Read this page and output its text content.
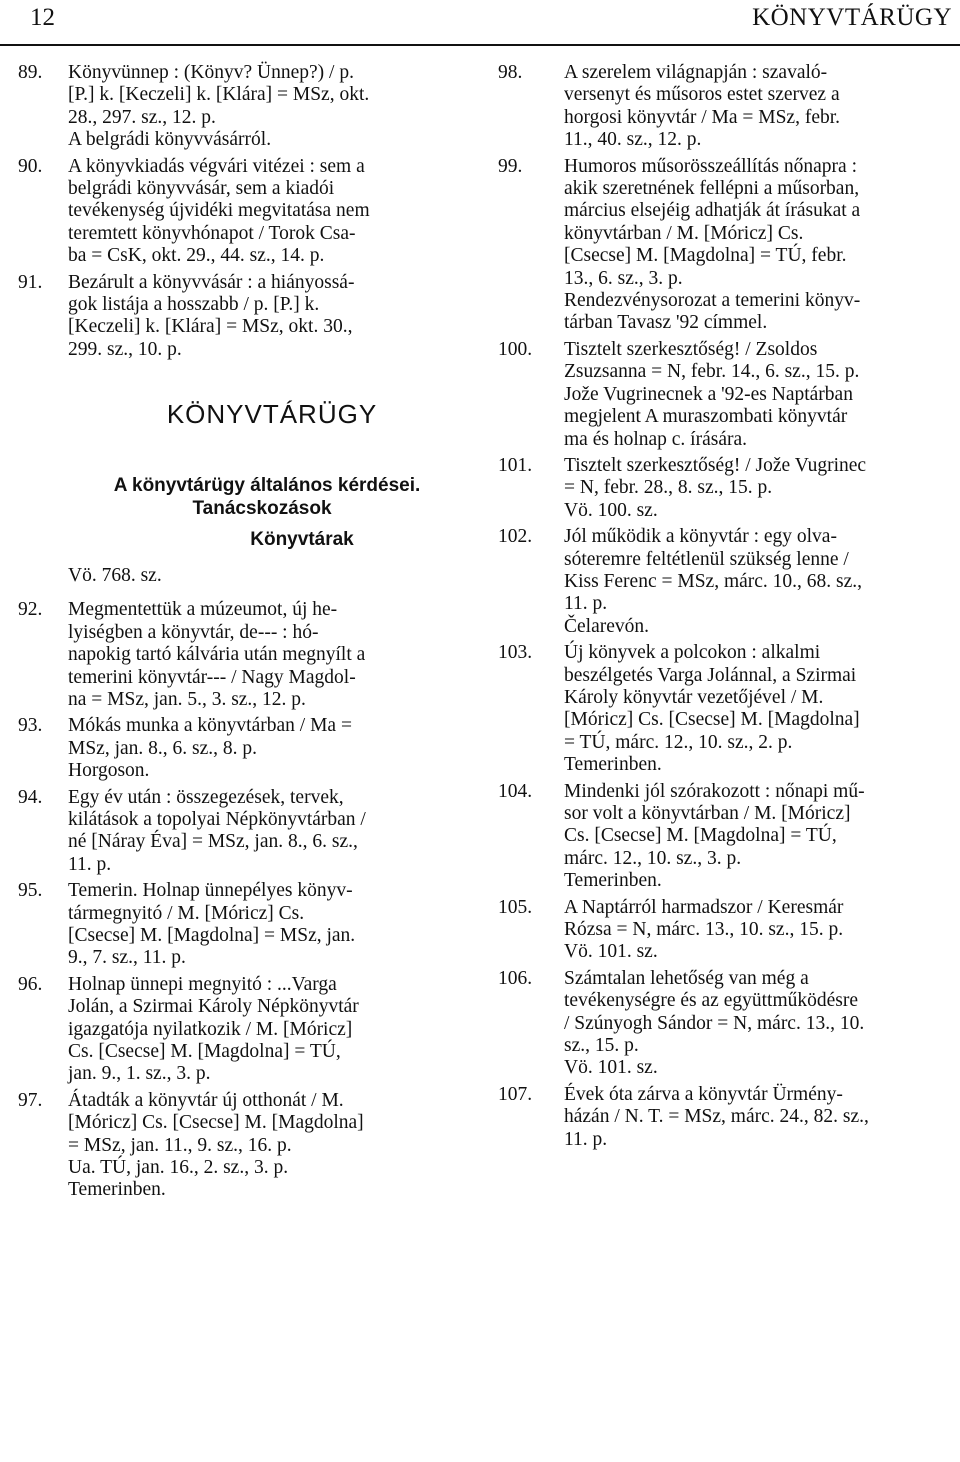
12	KÖNYVTÁRÜGY
89. Könyvünnep : (Könyv? Ünnep?) / p.
[P.] k. [Keczeli] k. [Klára] = MSz, okt.
28., 297. sz., 12. p.
A belgrádi könyvvásárról.
90. A könyvkiadás végvári vitézei : sem a
belgrádi könyvvásár, sem a kiadói
tevékenység újvidéki megvitatása nem
teremtett könyvhónapot / Torok Csa-
ba = CsK, okt. 29., 44. sz., 14. p.
91. Bezárult a könyvvásár : a hiányossá-
gok listája a hosszabb / p. [P.] k.
[Keczeli] k. [Klára] = MSz, okt. 30.,
299. sz., 10. p.
KÖNYVTÁRÜGY
A könyvtárügy általános kérdései.
Tanácskozások
Könyvtárak
Vö. 768. sz.
92. Megmentettük a múzeumot, új he-
lyiségben a könyvtár, de--- : hó-
napokig tartó kálvária után megnyílt a
temerini könyvtár--- / Nagy Magdol-
na = MSz, jan. 5., 3. sz., 12. p.
93. Mókás munka a könyvtárban / Ma =
MSz, jan. 8., 6. sz., 8. p.
Horgoson.
94. Egy év után : összegezések, tervek,
kilátások a topolyai Népkönyvtárban /
né [Náray Éva] = MSz, jan. 8., 6. sz.,
11. p.
95. Temerin. Holnap ünnepélyes könyv-
tármegnyitó / M. [Móricz] Cs.
[Csecse] M. [Magdolna] = MSz, jan.
9., 7. sz., 11. p.
96. Holnap ünnepi megnyitó : ...Varga
Jolán, a Szirmai Károly Népkönyvtár
igazgatója nyilatkozik / M. [Móricz]
Cs. [Csecse] M. [Magdolna] = TÚ,
jan. 9., 1. sz., 3. p.
97. Átadták a könyvtár új otthonát / M.
[Móricz] Cs. [Csecse] M. [Magdolna]
= MSz, jan. 11., 9. sz., 16. p.
Ua. TÚ, jan. 16., 2. sz., 3. p.
Temerinben.
98. A szerelem világnapján : szavaló-
versenyt és műsoros estet szervez a
horgosi könyvtár / Ma = MSz, febr.
11., 40. sz., 12. p.
99. Humoros műsorösszeállítás nőnapra :
akik szeretnének fellépni a műsorban,
március elsejéig adhatják át írásukat a
könyvtárban / M. [Móricz] Cs.
[Csecse] M. [Magdolna] = TÚ, febr.
13., 6. sz., 3. p.
Rendezvénysorozat a temerini könyv-
tárban Tavasz '92 címmel.
100. Tisztelt szerkesztőség! / Zsoldos
Zsuzsanna = N, febr. 14., 6. sz., 15. p.
Jože Vugrinecnek a '92-es Naptárban
megjelent A muraszombati könyvtár
ma és holnap c. írására.
101. Tisztelt szerkesztőség! / Jože Vugrinec
= N, febr. 28., 8. sz., 15. p.
Vö. 100. sz.
102. Jól működik a könyvtár : egy olva-
sóteremre feltétlenül szükség lenne /
Kiss Ferenc = MSz, márc. 10., 68. sz.,
11. p.
Čelarevón.
103. Új könyvek a polcokon : alkalmi
beszélgetés Varga Jolánnal, a Szirmai
Károly könyvtár vezetőjével / M.
[Móricz] Cs. [Csecse] M. [Magdolna]
= TÚ, márc. 12., 10. sz., 2. p.
Temerinben.
104. Mindenki jól szórakozott : nőnapi mű-
sor volt a könyvtárban / M. [Móricz]
Cs. [Csecse] M. [Magdolna] = TÚ,
márc. 12., 10. sz., 3. p.
Temerinben.
105. A Naptárról harmadszor / Keresmár
Rózsa = N, márc. 13., 10. sz., 15. p.
Vö. 101. sz.
106. Számtalan lehetőség van még a
tevékenységre és az együttműködésre
/ Szúnyogh Sándor = N, márc. 13., 10.
sz., 15. p.
Vö. 101. sz.
107. Évek óta zárva a könyvtár Ürmény-
házán / N. T. = MSz, márc. 24., 82. sz.,
11. p.
